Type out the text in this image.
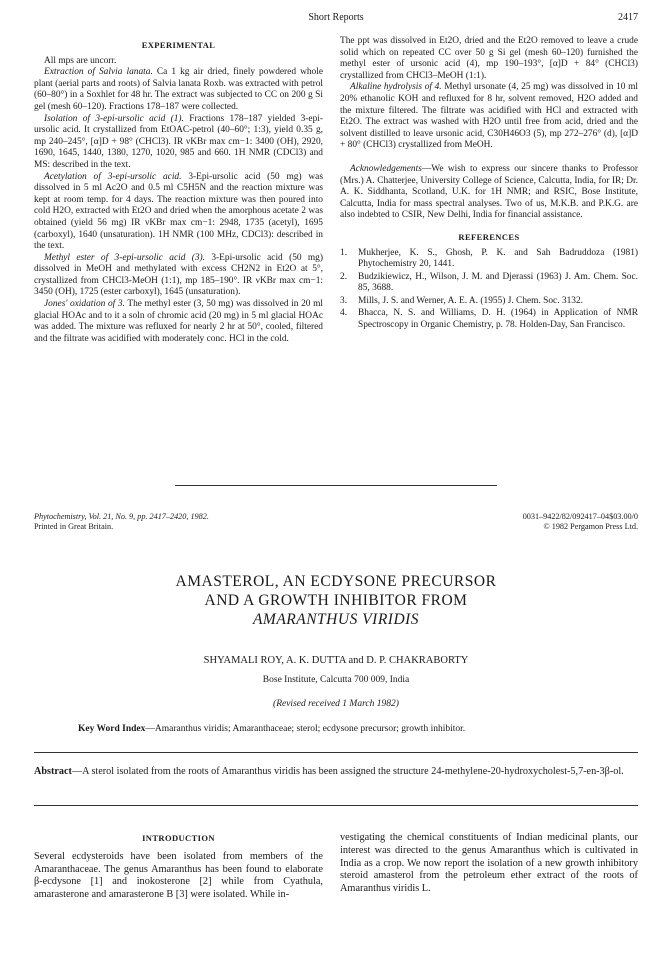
Short Reports	2417
EXPERIMENTAL

All mps are uncorr.

Extraction of Salvia lanata. Ca 1 kg air dried, finely powdered whole plant (aerial parts and roots) of Salvia lanata Roxb. was extracted with petrol (60–80°) in a Soxhlet for 48 hr. The extract was subjected to CC on 200 g Si gel (mesh 60–120). Fractions 178–187 were collected.

Isolation of 3-epi-ursolic acid (1). Fractions 178–187 yielded 3-epi-ursolic acid. It crystallized from EtOAC-petrol (40–60°; 1:3), yield 0.35 g, mp 240–245°, [α]D + 98° (CHCl3). IR νKBr max cm−1: 3400 (OH), 2920, 1690, 1645, 1440, 1380, 1270, 1020, 985 and 660. 1H NMR (CDCl3) and MS: described in the text.

Acetylation of 3-epi-ursolic acid. 3-Epi-ursolic acid (50 mg) was dissolved in 5 ml Ac2O and 0.5 ml C5H5N and the reaction mixture was kept at room temp. for 4 days. The reaction mixture was then poured into cold H2O, extracted with Et2O and dried when the amorphous acetate 2 was obtained (yield 56 mg) IR νKBr max cm−1: 2948, 1735 (acetyl), 1695 (carboxyl), 1640 (unsaturation). 1H NMR (100 MHz, CDCl3): described in the text.

Methyl ester of 3-epi-ursolic acid (3). 3-Epi-ursolic acid (50 mg) dissolved in MeOH and methylated with excess CH2N2 in Et2O at 5°, crystallized from CHCl3-MeOH (1:1), mp 185–190°. IR νKBr max cm−1: 3450 (OH), 1725 (ester carboxyl), 1645 (unsaturation).

Jones' oxidation of 3. The methyl ester (3, 50 mg) was dissolved in 20 ml glacial HOAc and to it a soln of chromic acid (20 mg) in 5 ml glacial HOAc was added. The mixture was refluxed for nearly 2 hr at 50°, cooled, filtered and the filtrate was acidified with moderately conc. HCl in the cold.

The ppt was dissolved in Et2O, dried and the Et2O removed to leave a crude solid which on repeated CC over 50 g Si gel (mesh 60–120) furnished the methyl ester of ursonic acid (4), mp 190–193°, [α]D + 84° (CHCl3) crystallized from CHCl3–MeOH (1:1).

Alkaline hydrolysis of 4. Methyl ursonate (4, 25 mg) was dissolved in 10 ml 20% ethanolic KOH and refluxed for 8 hr, solvent removed, H2O added and the mixture filtered. The filtrate was acidified with HCl and extracted with Et2O. The extract was washed with H2O until free from acid, dried and the solvent distilled to leave ursonic acid, C30H46O3 (5), mp 272–276° (d), [α]D + 80° (CHCl3) crystallized from MeOH.

Acknowledgements—We wish to express our sincere thanks to Professor (Mrs.) A. Chatterjee, University College of Science, Calcutta, India, for IR; Dr. A. K. Siddhanta, Scotland, U.K. for 1H NMR; and RSIC, Bose Institute, Calcutta, India for mass spectral analyses. Two of us, M.K.B. and P.K.G. are also indebted to CSIR, New Delhi, India for financial assistance.

REFERENCES
1.	Mukherjee, K. S., Ghosh, P. K. and Sah Badruddoza (1981) Phytochemistry 20, 1441.
2.	Budzikiewicz, H., Wilson, J. M. and Djerassi (1963) J. Am. Chem. Soc. 85, 3688.
3.	Mills, J. S. and Werner, A. E. A. (1955) J. Chem. Soc. 3132.
4.	Bhacca, N. S. and Williams, D. H. (1964) in Application of NMR Spectroscopy in Organic Chemistry, p. 78. Holden-Day, San Francisco.
Phytochemistry, Vol. 21, No. 9, pp. 2417–2420, 1982.
Printed in Great Britain.
0031–9422/82/092417–04$03.00/0
© 1982 Pergamon Press Ltd.
AMASTEROL, AN ECDYSONE PRECURSOR
AND A GROWTH INHIBITOR FROM
AMARANTHUS VIRIDIS
SHYAMALI ROY, A. K. DUTTA and D. P. CHAKRABORTY
Bose Institute, Calcutta 700 009, India
(Revised received 1 March 1982)
Key Word Index—Amaranthus viridis; Amaranthaceae; sterol; ecdysone precursor; growth inhibitor.
Abstract—A sterol isolated from the roots of Amaranthus viridis has been assigned the structure 24-methylene-20-hydroxycholest-5,7-en-3β-ol.
INTRODUCTION
Several ecdysteroids have been isolated from members of the Amaranthaceae. The genus Amaranthus has been found to elaborate β-ecdysone [1] and inokosterone [2] while from Cyathula, amarasterone and amarasterone B [3] were isolated. While in-
vestigating the chemical constituents of Indian medicinal plants, our interest was directed to the genus Amaranthus which is cultivated in India as a crop. We now report the isolation of a new growth inhibitory steroid amasterol from the petroleum ether extract of the roots of Amaranthus viridis L.
